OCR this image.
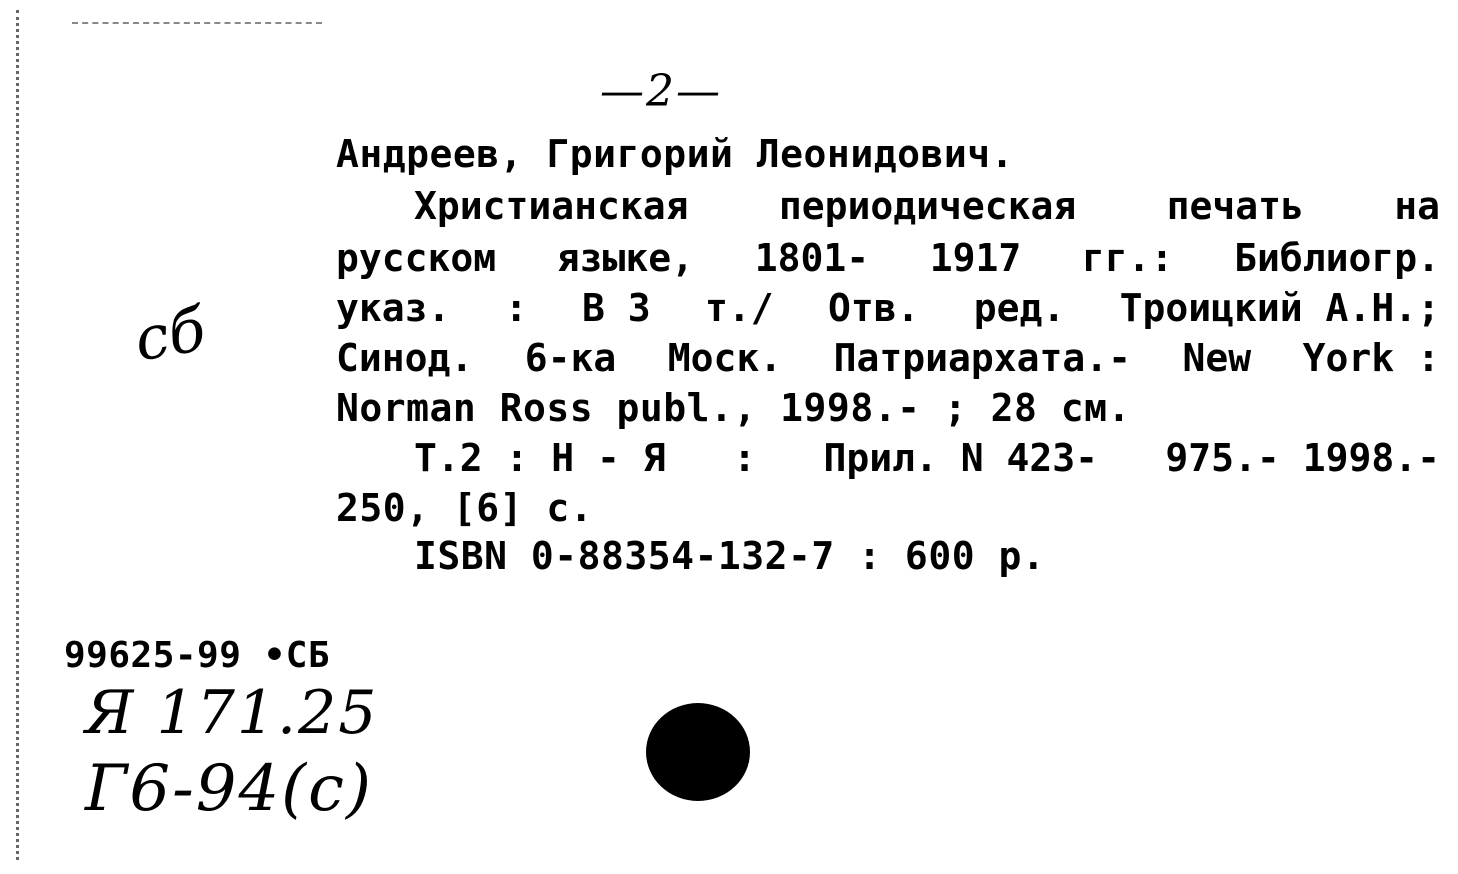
—2—
Андреев, Григорий Леонидович.
Христианская периодическая печать на
русском языке, 1801- 1917 гг.: Библиогр.
указ. : В 3 т./ Отв. ред. Троицкий А.Н.;
Синод. 6-ка Моск. Патриархата.- New York :
Norman Ross publ., 1998.- ; 28 см.
Т.2 : Н - Я : Прил. N 423- 975.- 1998.-
250, [6] с.
ISBN 0-88354-132-7 : 600 р.
сб
99625-99 •СБ
Я 171.25
Г6-94(с)
